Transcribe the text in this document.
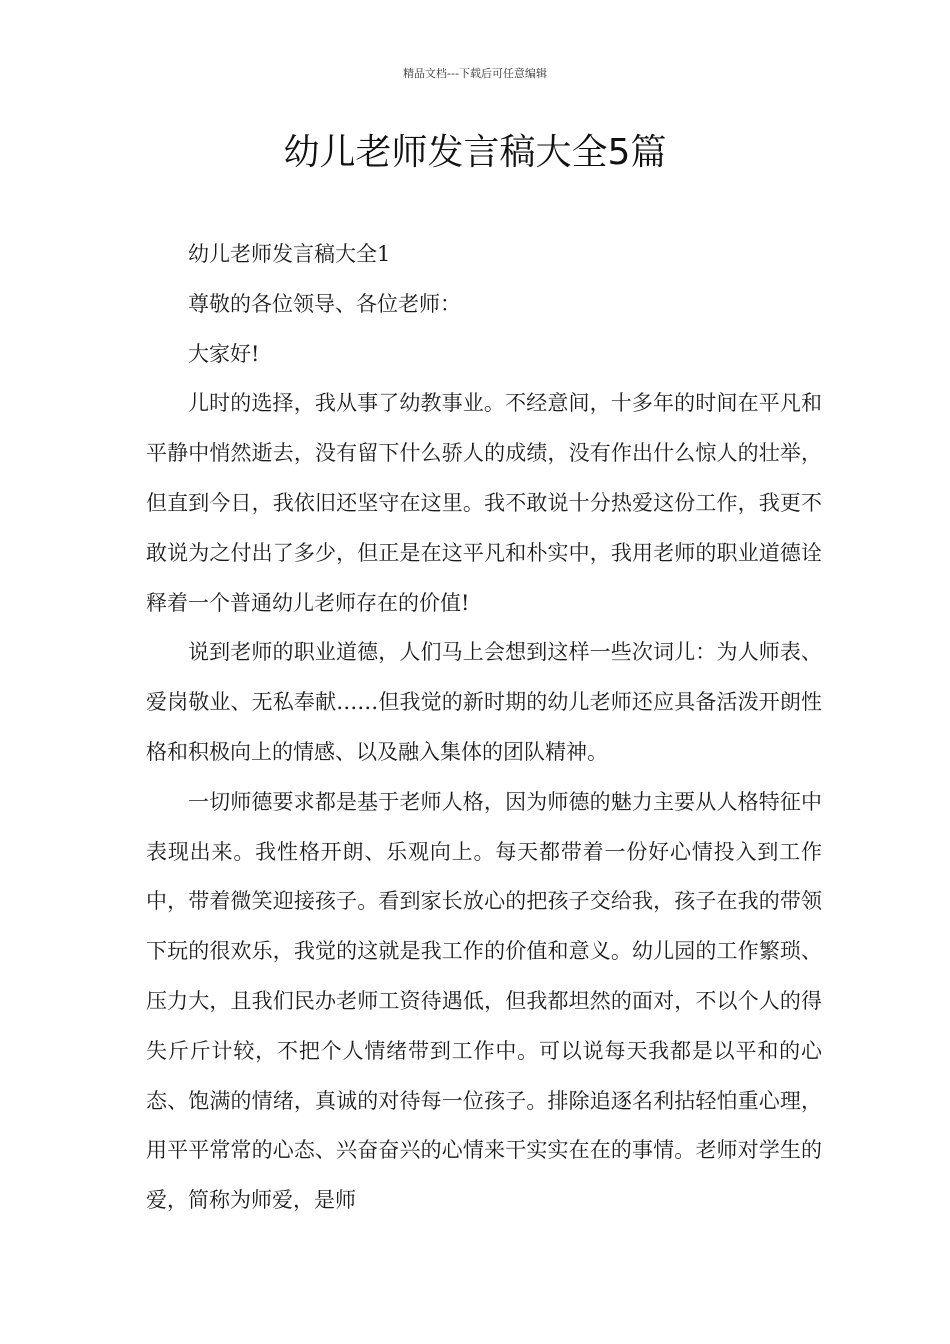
精品文档---下载后可任意编辑
幼儿老师发言稿大全5篇

幼儿老师发言稿大全1

尊敬的各位领导、各位老师：

大家好!

儿时的选择，我从事了幼教事业。不经意间，十多年的时间在平凡和平静中悄然逝去，没有留下什么骄人的成绩，没有作出什么惊人的壮举，但直到今日，我依旧还坚守在这里。我不敢说十分热爱这份工作，我更不敢说为之付出了多少，但正是在这平凡和朴实中，我用老师的职业道德诠释着一个普通幼儿老师存在的价值!

说到老师的职业道德，人们马上会想到这样一些次词儿：为人师表、爱岗敬业、无私奉献……但我觉的新时期的幼儿老师还应具备活泼开朗性格和积极向上的情感、以及融入集体的团队精神。

一切师德要求都是基于老师人格，因为师德的魅力主要从人格特征中表现出来。我性格开朗、乐观向上。每天都带着一份好心情投入到工作中，带着微笑迎接孩子。看到家长放心的把孩子交给我，孩子在我的带领下玩的很欢乐，我觉的这就是我工作的价值和意义。幼儿园的工作繁琐、压力大，且我们民办老师工资待遇低，但我都坦然的面对，不以个人的得失斤斤计较，不把个人情绪带到工作中。可以说每天我都是以平和的心态、饱满的情绪，真诚的对待每一位孩子。排除追逐名利拈轻怕重心理，用平平常常的心态、兴奋奋兴的心情来干实实在在的事情。老师对学生的爱，简称为师爱，是师
